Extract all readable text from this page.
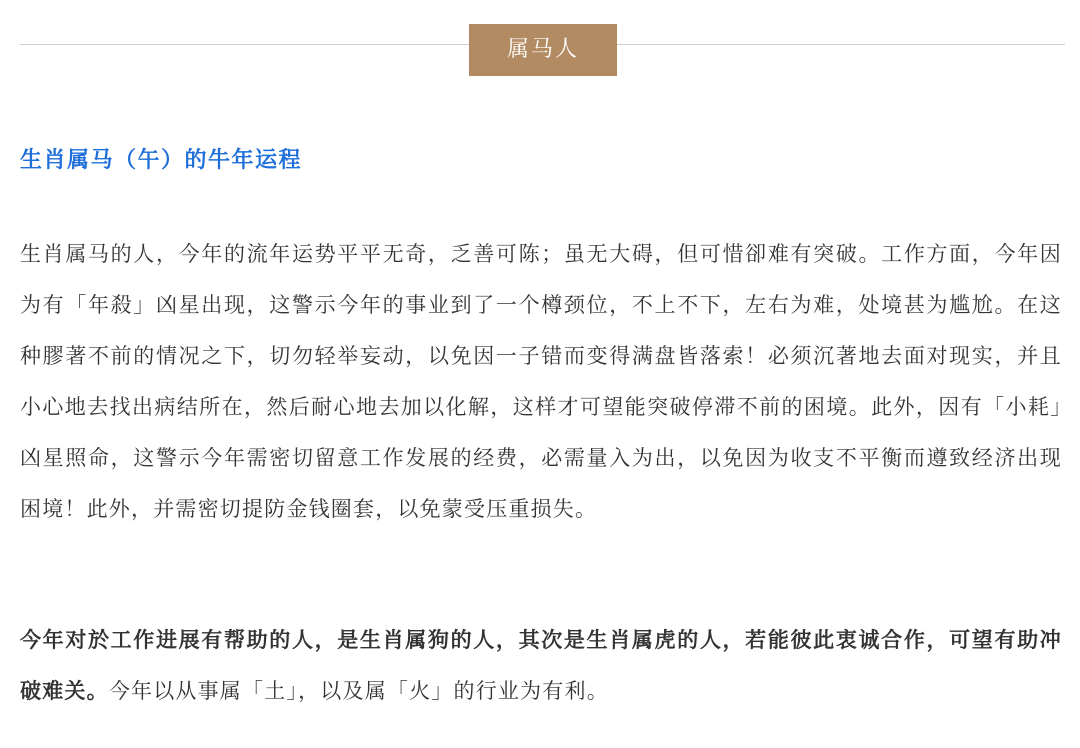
属马人
生肖属马（午）的牛年运程

生肖属马的人，今年的流年运势平平无奇，乏善可陈；虽无大碍，但可惜卻难有突破。工作方面，今年因为有「年殺」凶星出现，这警示今年的事业到了一个樽颈位，不上不下，左右为难，处境甚为尴尬。在这种膠著不前的情况之下，切勿轻举妄动，以免因一子错而变得满盘皆落索！必须沉著地去面对现实，并且小心地去找出病结所在，然后耐心地去加以化解，这样才可望能突破停滞不前的困境。此外，因有「小耗」凶星照命，这警示今年需密切留意工作发展的经费，必需量入为出，以免因为收支不平衡而遵致经济出现困境！此外，并需密切提防金钱圈套，以免蒙受压重损失。

今年对於工作进展有帮助的人，是生肖属狗的人，其次是生肖属虎的人，若能彼此衷诚合作，可望有助冲破难关。今年以从事属「土」，以及属「火」的行业为有利。
